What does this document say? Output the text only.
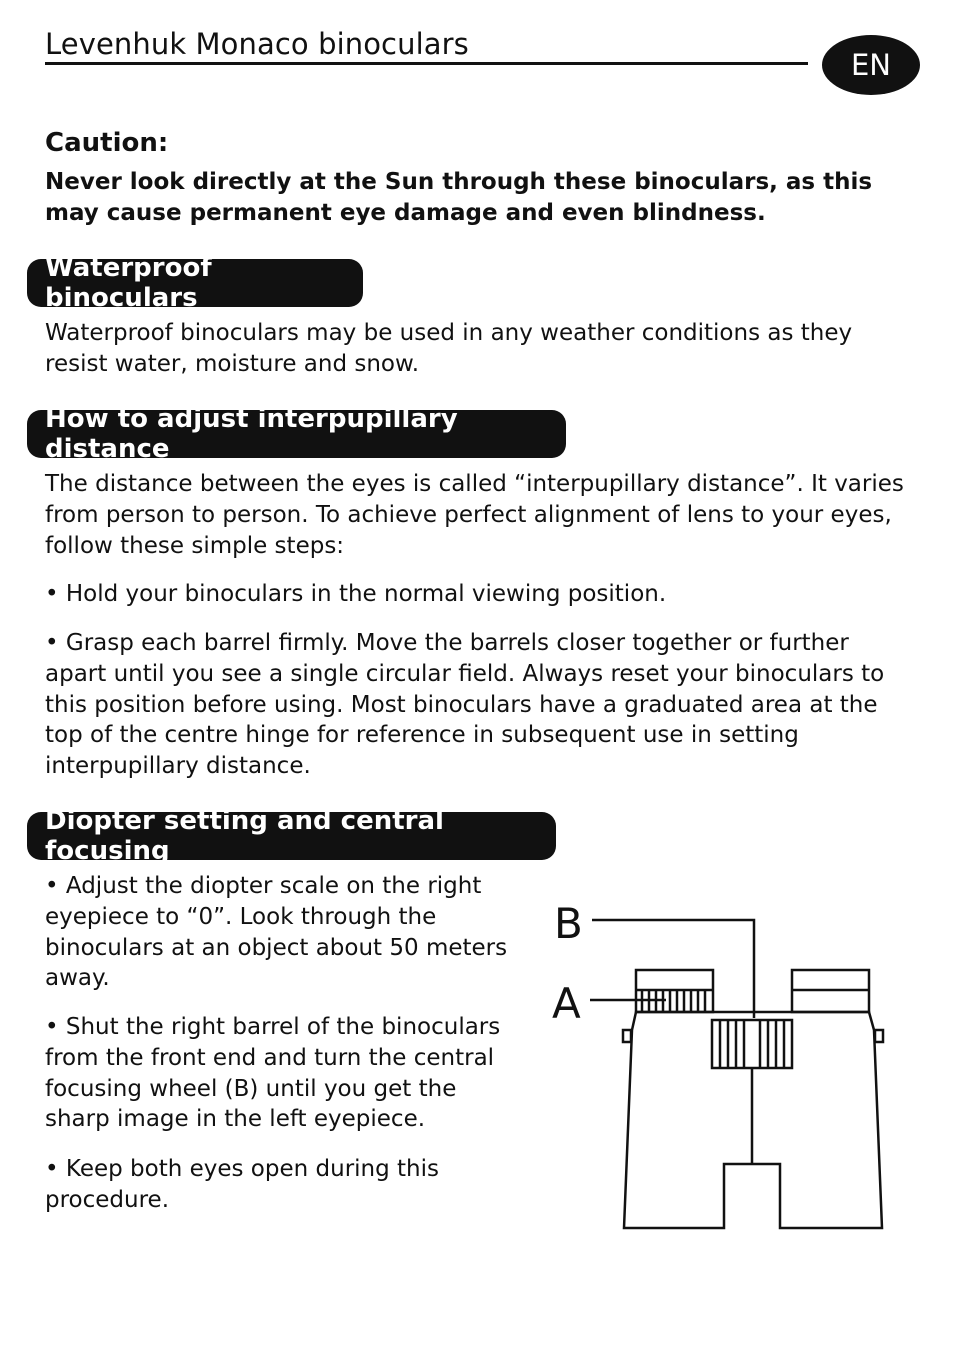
Levenhuk Monaco binoculars
EN
Caution:
Never look directly at the Sun through these binoculars, as this may cause permanent eye damage and even blindness.
Waterproof binoculars

Waterproof binoculars may be used in any weather conditions as they resist water, moisture and snow.

How to adjust interpupillary distance

The distance between the eyes is called “interpupillary distance”. It varies from person to person. To achieve perfect alignment of lens to your eyes, follow these simple steps:

• Hold your binoculars in the normal viewing position.

• Grasp each barrel firmly. Move the barrels closer together or further apart until you see a single circular field. Always reset your binoculars to this position before using. Most binoculars have a graduated area at the top of the centre hinge for reference in subsequent use in setting interpupillary distance.

Diopter setting and central focusing

• Adjust the diopter scale on the right eyepiece to “0”. Look through the binoculars at an object about 50 meters away.

• Shut the right barrel of the binoculars from the front end and turn the central focusing wheel (B) until you get the sharp image in the left eyepiece.

• Keep both eyes open during this procedure.

B
A
